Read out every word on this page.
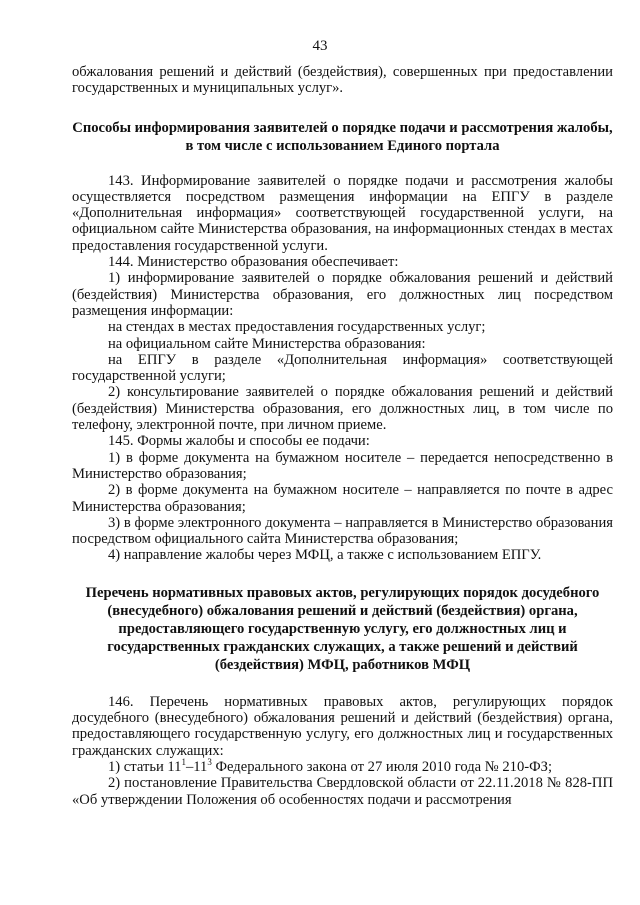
43

обжалования решений и действий (бездействия), совершенных при предоставлении государственных и муниципальных услуг».

Способы информирования заявителей о порядке подачи и рассмотрения жалобы, в том числе с использованием Единого портала

143. Информирование заявителей о порядке подачи и рассмотрения жалобы осуществляется посредством размещения информации на ЕПГУ в разделе «Дополнительная информация» соответствующей государственной услуги, на официальном сайте Министерства образования, на информационных стендах в местах предоставления государственной услуги.

144. Министерство образования обеспечивает:

1) информирование заявителей о порядке обжалования решений и действий (бездействия) Министерства образования, его должностных лиц посредством размещения информации:

на стендах в местах предоставления государственных услуг;

на официальном сайте Министерства образования:

на ЕПГУ в разделе «Дополнительная информация» соответствующей государственной услуги;

2) консультирование заявителей о порядке обжалования решений и действий (бездействия) Министерства образования, его должностных лиц, в том числе по телефону, электронной почте, при личном приеме.

145. Формы жалобы и способы ее подачи:

1) в форме документа на бумажном носителе – передается непосредственно в Министерство образования;

2) в форме документа на бумажном носителе – направляется по почте в адрес Министерства образования;

3) в форме электронного документа – направляется в Министерство образования посредством официального сайта Министерства образования;

4) направление жалобы через МФЦ, а также с использованием ЕПГУ.

Перечень нормативных правовых актов, регулирующих порядок досудебного (внесудебного) обжалования решений и действий (бездействия) органа, предоставляющего государственную услугу, его должностных лиц и государственных гражданских служащих, а также решений и действий (бездействия) МФЦ, работников МФЦ

146. Перечень нормативных правовых актов, регулирующих порядок досудебного (внесудебного) обжалования решений и действий (бездействия) органа, предоставляющего государственную услугу, его должностных лиц и государственных гражданских служащих:

1) статьи $11^1-11^3$ Федерального закона от 27 июля 2010 года № 210-ФЗ;

2) постановление Правительства Свердловской области от 22.11.2018 № 828-ПП «Об утверждении Положения об особенностях подачи и рассмотрения
